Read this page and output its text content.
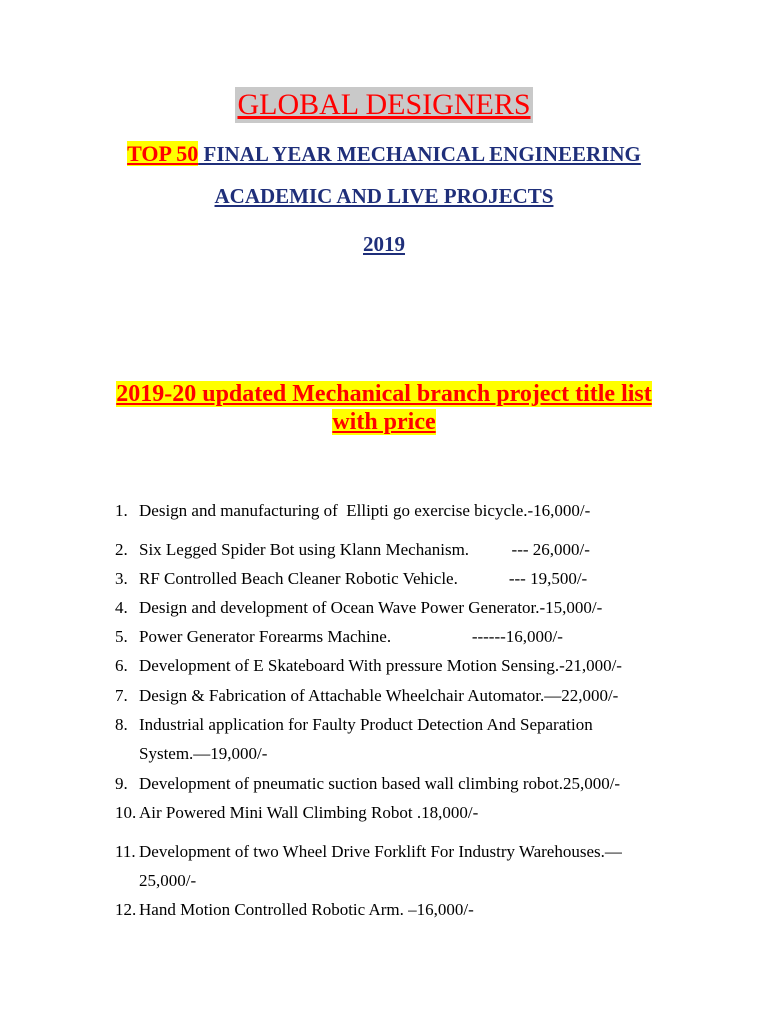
GLOBAL DESIGNERS
TOP 50 FINAL YEAR MECHANICAL ENGINEERING
ACADEMIC AND LIVE PROJECTS
2019
2019-20 updated Mechanical branch project title list
with price
1. Design and manufacturing of  Ellipti go exercise bicycle.-16,000/-
2. Six Legged Spider Bot using Klann Mechanism.          --- 26,000/-
3. RF Controlled Beach Cleaner Robotic Vehicle.            --- 19,500/-
4. Design and development of Ocean Wave Power Generator.-15,000/-
5. Power Generator Forearms Machine.                   ------16,000/-
6. Development of E Skateboard With pressure Motion Sensing.-21,000/-
7. Design & Fabrication of Attachable Wheelchair Automator.—22,000/-
8. Industrial application for Faulty Product Detection And Separation
System.—19,000/-
9. Development of pneumatic suction based wall climbing robot.25,000/-
10. Air Powered Mini Wall Climbing Robot .18,000/-
11. Development of two Wheel Drive Forklift For Industry Warehouses.—
25,000/-
12. Hand Motion Controlled Robotic Arm. –16,000/-
